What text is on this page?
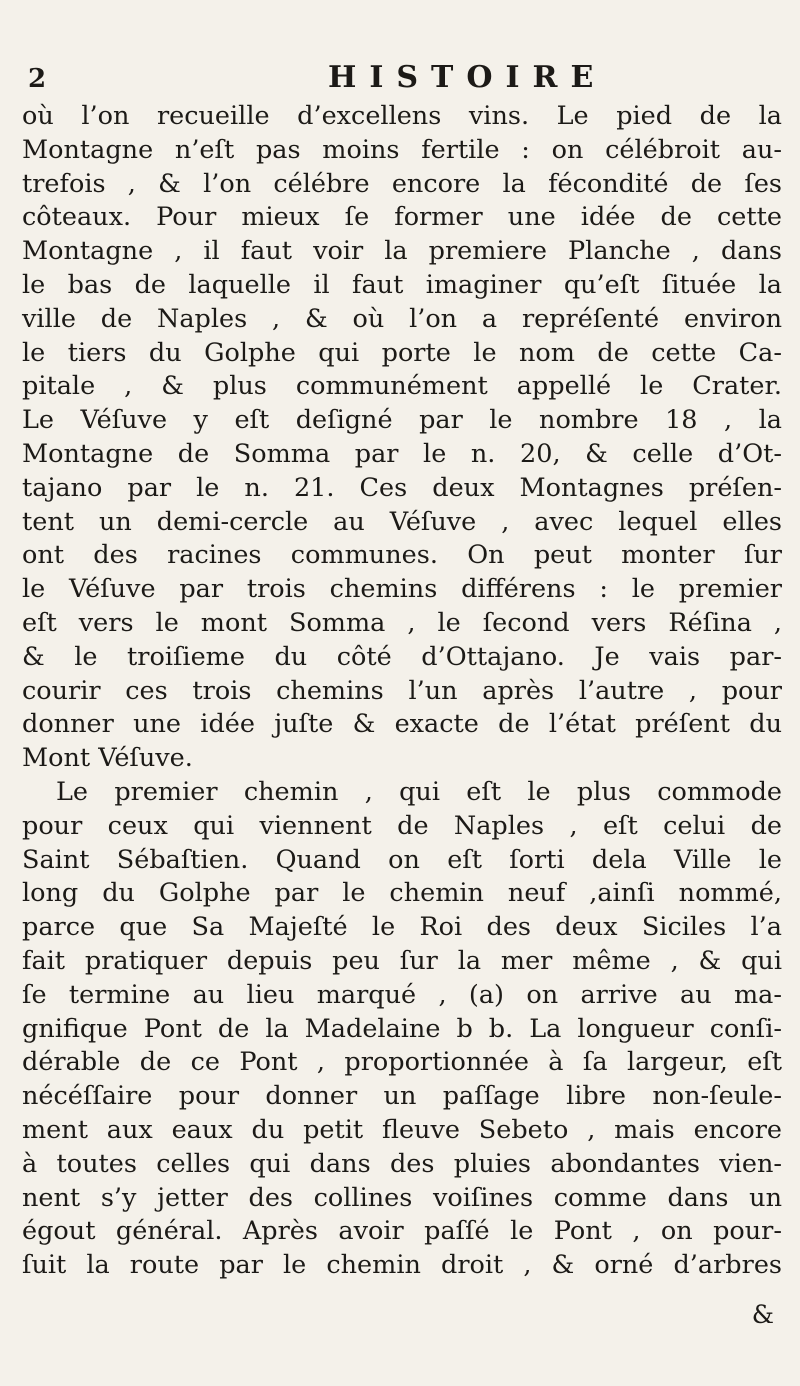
2	HISTOIRE
où l’on recueille d’excellens vins. Le pied de la
Montagne n’eſt pas moins fertile : on célébroit au-
trefois , & l’on célébre encore la fécondité de ſes
côteaux. Pour mieux ſe former une idée de cette
Montagne , il faut voir la premiere Planche , dans
le bas de laquelle il faut imaginer qu’eſt ſituée la
ville de Naples , & où l’on a repréſenté environ
le tiers du Golphe qui porte le nom de cette Ca-
pitale , & plus communément appellé le Crater.
Le Véſuve y eſt deſigné par le nombre 18 , la
Montagne de Somma par le n. 20, & celle d’Ot-
tajano par le n. 21. Ces deux Montagnes préſen-
tent un demi-cercle au Véſuve , avec lequel elles
ont des racines communes. On peut monter ſur
le Véſuve par trois chemins différens : le premier
eſt vers le mont Somma , le ſecond vers Réſina ,
& le troiſieme du côté d’Ottajano. Je vais par-
courir ces trois chemins l’un après l’autre , pour
donner une idée juſte & exacte de l’état préſent du
Mont Véſuve.
Le premier chemin , qui eſt le plus commode
pour ceux qui viennent de Naples , eſt celui de
Saint Sébaſtien. Quand on eſt ſorti dela Ville le
long du Golphe par le chemin neuf ,ainſi nommé,
parce que Sa Majeſté le Roi des deux Siciles l’a
fait pratiquer depuis peu ſur la mer même , & qui
ſe termine au lieu marqué , (a) on arrive au ma-
gnifique Pont de la Madelaine b b. La longueur conſi-
dérable de ce Pont , proportionnée à ſa largeur, eſt
nécéſſaire pour donner un paſſage libre non-ſeule-
ment aux eaux du petit fleuve Sebeto , mais encore
à toutes celles qui dans des pluies abondantes vien-
nent s’y jetter des collines voiſines comme dans un
égout général. Après avoir paſſé le Pont , on pour-
ſuit la route par le chemin droit , & orné d’arbres
&
